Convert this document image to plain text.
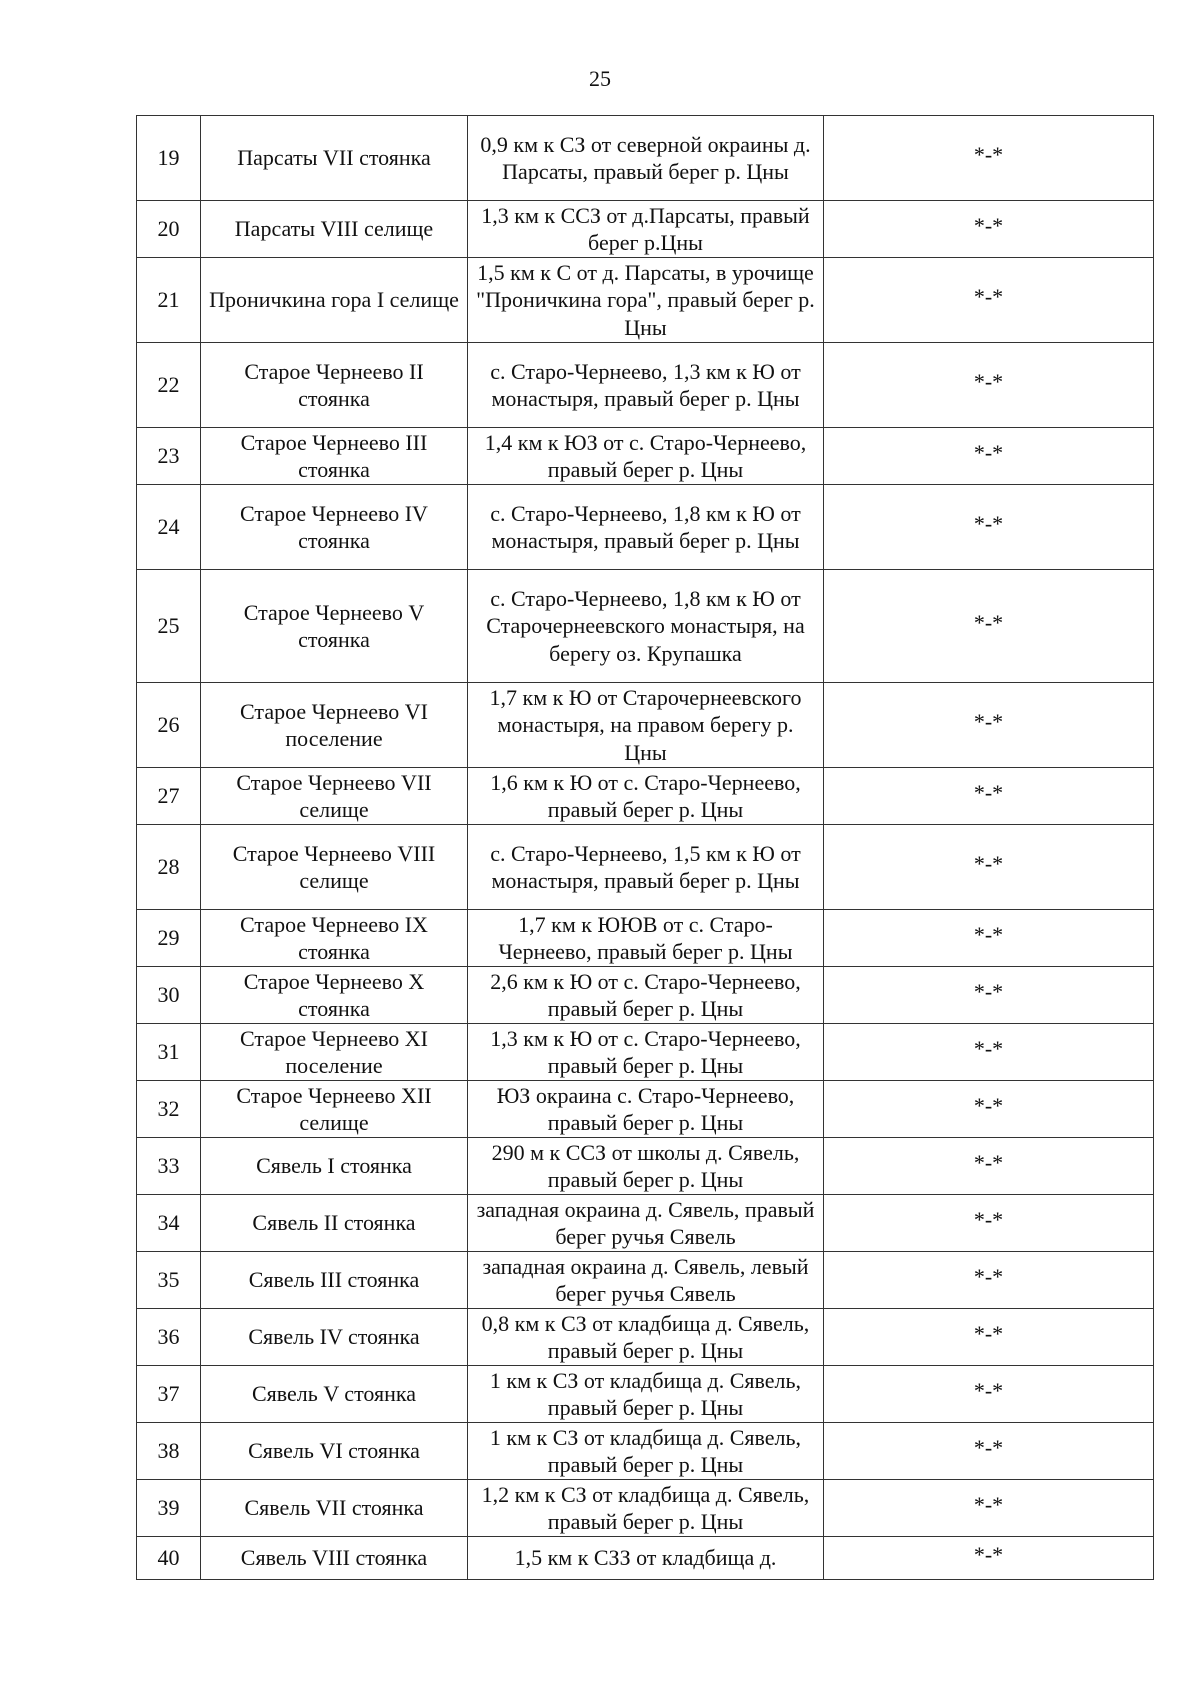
25
19	Парсаты VII стоянка	0,9 км к СЗ от северной окраины д. Парсаты, правый берег р. Цны	*-*
20	Парсаты VIII селище	1,3 км к ССЗ от д.Парсаты, правый берег р.Цны	*-*
21	Проничкина гора I селище	1,5 км к С от д. Парсаты, в урочище "Проничкина гора", правый берег р. Цны	*-*
22	Старое Чернеево II стоянка	с. Старо-Чернеево, 1,3 км к Ю от монастыря, правый берег р. Цны	*-*
23	Старое Чернеево III стоянка	1,4 км к ЮЗ от с. Старо-Чернеево, правый берег р. Цны	*-*
24	Старое Чернеево IV стоянка	с. Старо-Чернеево, 1,8 км к Ю от монастыря, правый берег р. Цны	*-*
25	Старое Чернеево V стоянка	с. Старо-Чернеево, 1,8 км к Ю от Старочернеевского монастыря, на берегу оз. Крупашка	*-*
26	Старое Чернеево VI поселение	1,7 км к Ю от Старочернеевского монастыря, на правом берегу р. Цны	*-*
27	Старое Чернеево VII селище	1,6 км к Ю от с. Старо-Чернеево, правый берег р. Цны	*-*
28	Старое Чернеево VIII селище	с. Старо-Чернеево, 1,5 км к Ю от монастыря, правый берег р. Цны	*-*
29	Старое Чернеево IX стоянка	1,7 км к ЮЮВ от с. Старо-Чернеево, правый берег р. Цны	*-*
30	Старое Чернеево X стоянка	2,6 км к Ю от с. Старо-Чернеево, правый берег р. Цны	*-*
31	Старое Чернеево XI поселение	1,3 км к Ю от с. Старо-Чернеево, правый берег р. Цны	*-*
32	Старое Чернеево XII селище	ЮЗ окраина с. Старо-Чернеево, правый берег р. Цны	*-*
33	Сявель I стоянка	290 м к ССЗ от школы д. Сявель, правый берег р. Цны	*-*
34	Сявель II стоянка	западная окраина д. Сявель, правый берег ручья Сявель	*-*
35	Сявель III стоянка	западная окраина д. Сявель, левый берег ручья Сявель	*-*
36	Сявель IV стоянка	0,8 км к СЗ от кладбища д. Сявель, правый берег р. Цны	*-*
37	Сявель V стоянка	1 км к СЗ от кладбища д. Сявель, правый берег р. Цны	*-*
38	Сявель VI стоянка	1 км к СЗ от кладбища д. Сявель, правый берег р. Цны	*-*
39	Сявель VII стоянка	1,2 км к СЗ от кладбища д. Сявель, правый берег р. Цны	*-*
40	Сявель VIII стоянка	1,5 км к СЗЗ от кладбища д.	*-*
